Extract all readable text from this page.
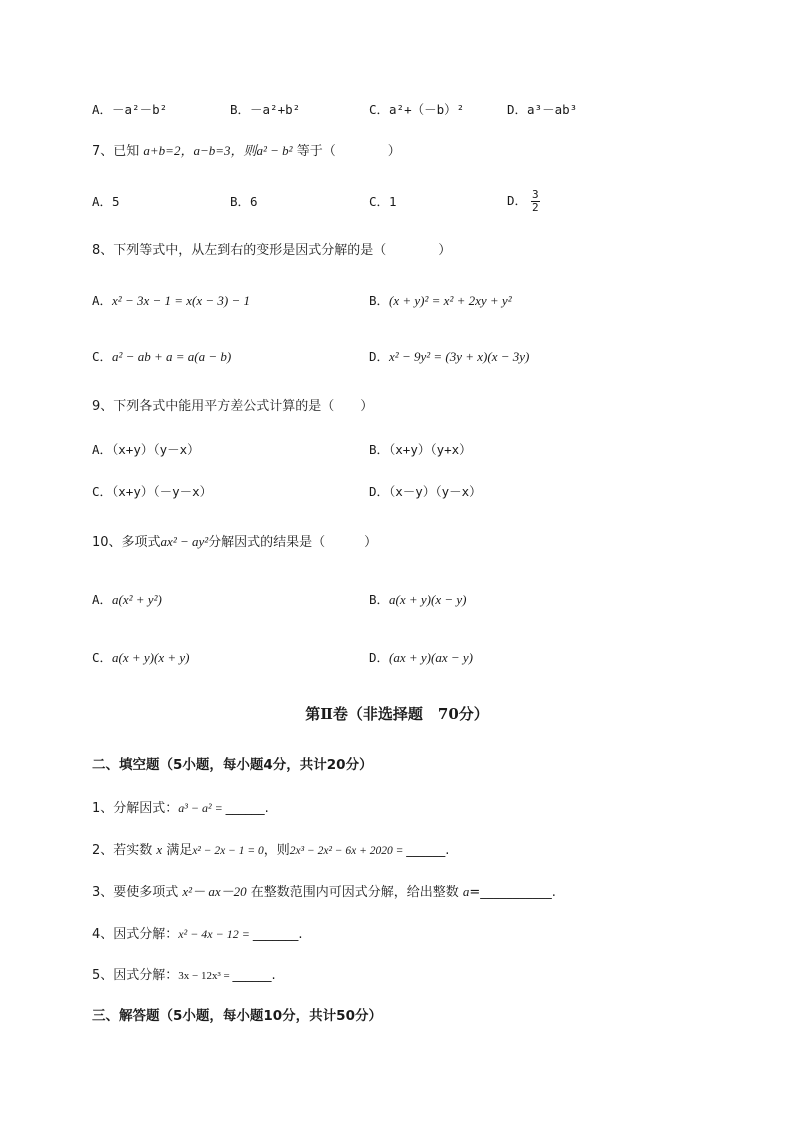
A．－a²－b²	B．－a²+b²	C．a²+（－b）²	D．a³－ab³
7、已知 a+b=2，a−b=3，则a² − b² 等于（　　　　）
A．5	B．6	C．1	D． $\frac{3}{2}$
8、下列等式中，从左到右的变形是因式分解的是（　　　　）
A．x² − 3x − 1 = x(x − 3) − 1	B．(x + y)² = x² + 2xy + y²
C．a² − ab + a = a(a − b)	D．x² − 9y² = (3y + x)(x − 3y)
9、下列各式中能用平方差公式计算的是（　　）
A．（x+y）（y－x）	B．（x+y）（y+x）
C．（x+y）（－y－x）	D．（x－y）（y－x）
10、多项式ax² − ay²分解因式的结果是（　　　）
A．a(x² + y²)	B．a(x + y)(x − y)
C．a(x + y)(x + y)	D．(ax + y)(ax − y)
第Ⅱ卷（非选择题　70分）
二、填空题（5小题，每小题4分，共计20分）
1、分解因式：a³ − a² = ______.
2、若实数 x 满足x² − 2x − 1 = 0，则2x³ − 2x² − 6x + 2020 = ______.
3、要使多项式 x²－ ax－20 在整数范围内可因式分解，给出整数 a=___________.
4、因式分解：x² − 4x − 12 = _______.
5、因式分解：3x − 12x³ = ______.
三、解答题（5小题，每小题10分，共计50分）
